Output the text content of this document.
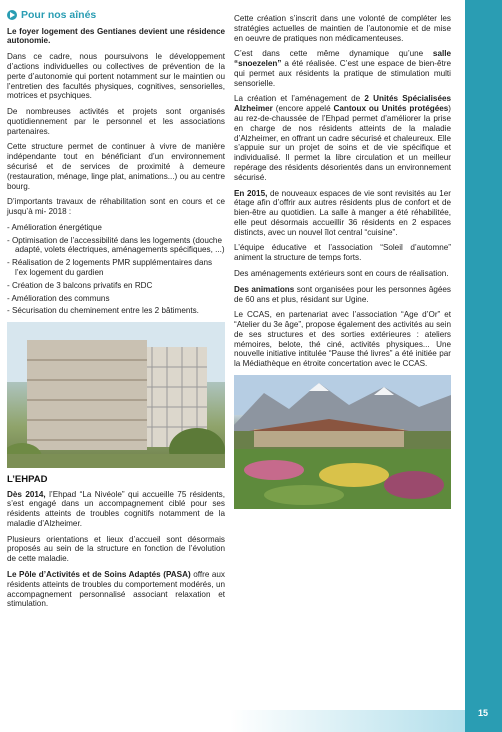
Pour nos aînés

Le foyer logement des Gentianes devient une résidence autonomie.

Dans ce cadre, nous poursuivons le développement d’actions individuelles ou collectives de prévention de la perte d’autonomie qui portent notamment sur le maintien ou l’entretien des facultés physiques, cognitives, sensorielles, motrices et psychiques.

De nombreuses activités et projets sont organisés quotidiennement par le personnel et les associations partenaires.

Cette structure permet de continuer à vivre de manière indépendante tout en bénéficiant d’un environnement sécurisé et de services de proximité à demeure (restauration, ménage, linge plat, animations...) ou au centre bourg.

D’importants travaux de réhabilitation sont en cours et ce jusqu’à mi- 2018 :

- Amélioration énergétique
- Optimisation de l’accessibilité dans les logements (douche adapté, volets électriques, aménagements spécifiques, ...)
- Réalisation de 2 logements PMR supplémentaires dans l’ex logement du gardien
- Création de 3 balcons privatifs en RDC
- Amélioration des communs
- Sécurisation du cheminement entre les 2 bâtiments.
L’EHPAD

Dès 2014, l’Ehpad “La Nivéole” qui accueille 75 résidents, s’est engagé dans un accompagnement ciblé pour ses résidents atteints de troubles cognitifs notamment de la maladie d’Alzheimer.

Plusieurs orientations et lieux d’accueil sont désormais proposés au sein de la structure en fonction de l’évolution de cette maladie.

Le Pôle d’Activités et de Soins Adaptés (PASA) offre aux résidents atteints de troubles du comportement modérés, un accompagnement personnalisé associant relaxation et stimulation.

Cette création s’inscrit dans une volonté de compléter les stratégies actuelles de maintien de l’autonomie et de mise en oeuvre de pratiques non médicamenteuses.

C’est dans cette même dynamique qu’une salle “snoezelen” a été réalisée. C’est une espace de bien-être qui permet aux résidents la pratique de stimulation multi sensorielle.

La création et l’aménagement de 2 Unités Spécialisées Alzheimer (encore appelé Cantoux ou Unités protégées) au rez-de-chaussée de l’Ehpad permet d’améliorer la prise en charge de nos résidents atteints de la maladie d’Alzheimer, en offrant un cadre sécurisé et chaleureux. Elle s’appuie sur un projet de soins et de vie spécifique et individualisé. Il permet la libre circulation et un meilleur repérage des résidents désorientés dans un environnement sécurisé.

En 2015, de nouveaux espaces de vie sont revisités au 1er étage afin d’offrir aux autres résidents plus de confort et de bien-être au quotidien. La salle à manger a été réhabilitée, elle peut désormais accueillir 36 résidents en 2 espaces distincts, avec un nouvel îlot central “cuisine”.

L’équipe éducative et l’association “Soleil d’automne” animent la structure de temps forts.

Des aménagements extérieurs sont en cours de réalisation.

Des animations sont organisées pour les personnes âgées de 60 ans et plus, résidant sur Ugine.

Le CCAS, en partenariat avec l’association “Age d’Or” et “Atelier du 3e âge”, propose également des activités au sein de ses structures et des sorties extérieures : ateliers mémoires, belote, thé ciné, activités physiques... Une nouvelle initiative intitulée “Pause thé livres” a été initiée par la Médiathèque en étroite concertation avec le CCAS.

15
